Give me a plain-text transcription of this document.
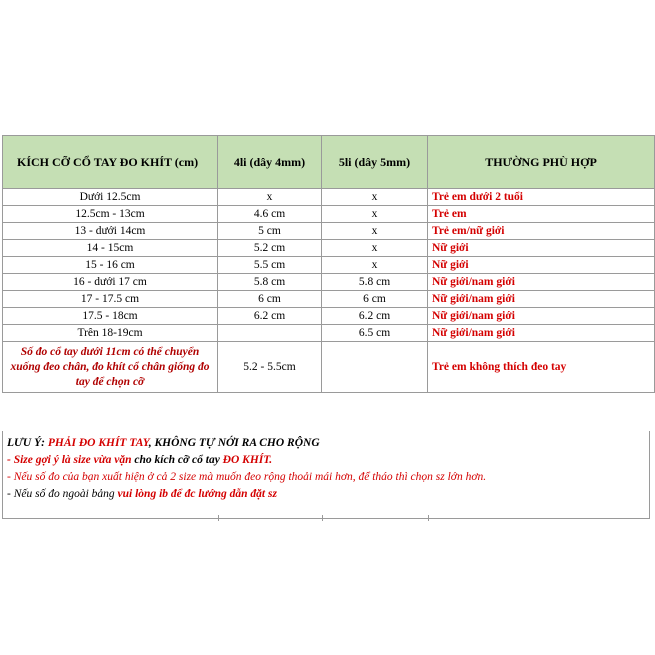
KÍCH CỠ CỔ TAY ĐO KHÍT (cm)	4li (dây 4mm)	5li (dây 5mm)	THƯỜNG PHÙ HỢP
Dưới 12.5cm	x	x	Trẻ em dưới 2 tuổi
12.5cm - 13cm	4.6 cm	x	Trẻ em
13 - dưới 14cm	5 cm	x	Trẻ em/nữ giới
14 - 15cm	5.2 cm	x	Nữ giới
15 - 16 cm	5.5 cm	x	Nữ giới
16 - dưới 17 cm	5.8 cm	5.8 cm	Nữ giới/nam giới
17 - 17.5 cm	6 cm	6 cm	Nữ giới/nam giới
17.5 - 18cm	6.2 cm	6.2 cm	Nữ giới/nam giới
Trên 18-19cm		6.5 cm	Nữ giới/nam giới
Số đo cổ tay dưới 11cm có thể chuyển xuống đeo chân, đo khít cổ chân giống đo tay để chọn cỡ	5.2 - 5.5cm		Trẻ em không thích đeo tay
LƯU Ý: PHẢI ĐO KHÍT TAY, KHÔNG TỰ NỚI RA CHO RỘNG
- Size gợi ý là size vừa vặn cho kích cỡ cổ tay ĐO KHÍT.
- Nếu số đo của bạn xuất hiện ở cả 2 size mà muốn đeo rộng thoải mái hơn, để tháo thì chọn sz lớn hơn.
- Nếu số đo ngoài bảng vui lòng ib để đc lướng dẫn đặt sz
